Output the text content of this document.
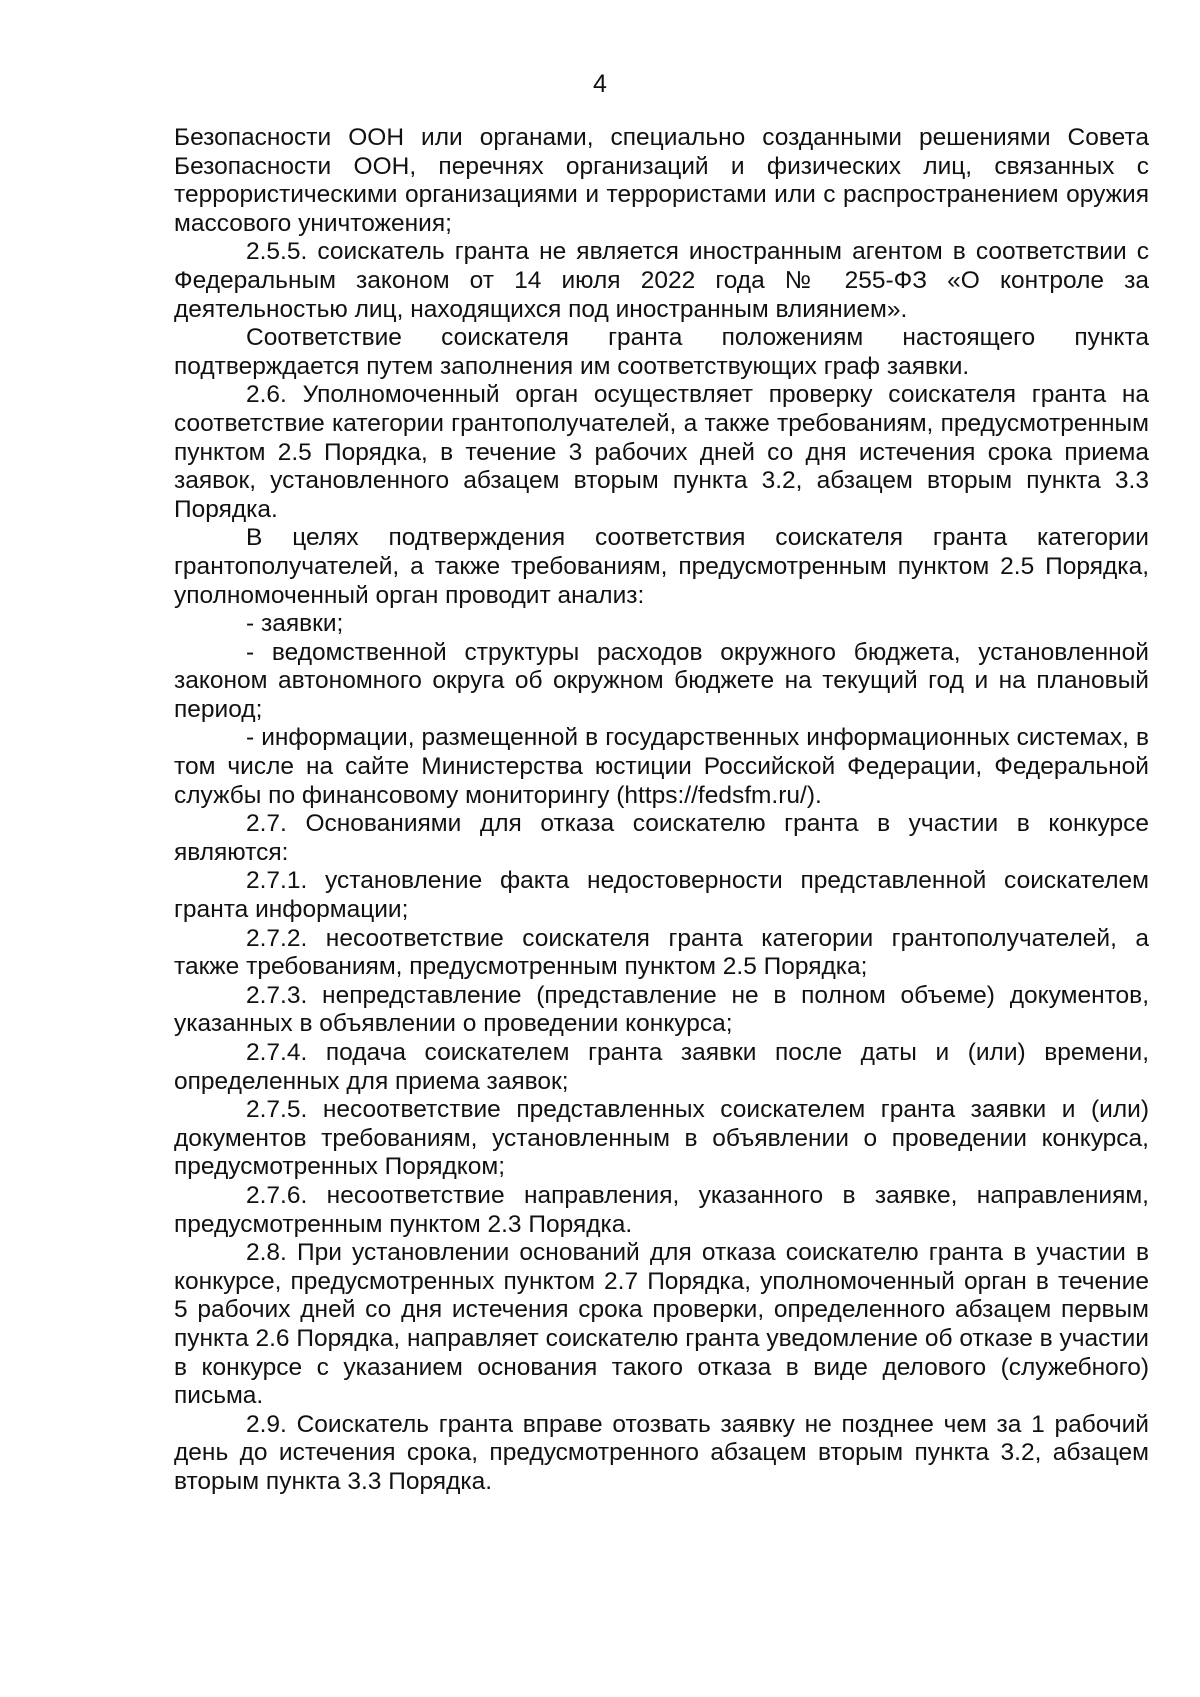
4

Безопасности ООН или органами, специально созданными решениями Совета Безопасности ООН, перечнях организаций и физических лиц, связанных с террористическими организациями и террористами или с распространением оружия массового уничтожения;

2.5.5. соискатель гранта не является иностранным агентом в соответствии с Федеральным законом от 14 июля 2022 года № 255-ФЗ «О контроле за деятельностью лиц, находящихся под иностранным влиянием».

Соответствие соискателя гранта положениям настоящего пункта подтверждается путем заполнения им соответствующих граф заявки.

2.6. Уполномоченный орган осуществляет проверку соискателя гранта на соответствие категории грантополучателей, а также требованиям, предусмотренным пунктом 2.5 Порядка, в течение 3 рабочих дней со дня истечения срока приема заявок, установленного абзацем вторым пункта 3.2, абзацем вторым пункта 3.3 Порядка.

В целях подтверждения соответствия соискателя гранта категории грантополучателей, а также требованиям, предусмотренным пунктом 2.5 Порядка, уполномоченный орган проводит анализ:

- заявки;

- ведомственной структуры расходов окружного бюджета, установленной законом автономного округа об окружном бюджете на текущий год и на плановый период;

- информации, размещенной в государственных информационных системах, в том числе на сайте Министерства юстиции Российской Федерации, Федеральной службы по финансовому мониторингу (https://fedsfm.ru/).

2.7. Основаниями для отказа соискателю гранта в участии в конкурсе являются:

2.7.1. установление факта недостоверности представленной соискателем гранта информации;

2.7.2. несоответствие соискателя гранта категории грантополучателей, а также требованиям, предусмотренным пунктом 2.5 Порядка;

2.7.3. непредставление (представление не в полном объеме) документов, указанных в объявлении о проведении конкурса;

2.7.4. подача соискателем гранта заявки после даты и (или) времени, определенных для приема заявок;

2.7.5. несоответствие представленных соискателем гранта заявки и (или) документов требованиям, установленным в объявлении о проведении конкурса, предусмотренных Порядком;

2.7.6. несоответствие направления, указанного в заявке, направлениям, предусмотренным пунктом 2.3 Порядка.

2.8. При установлении оснований для отказа соискателю гранта в участии в конкурсе, предусмотренных пунктом 2.7 Порядка, уполномоченный орган в течение 5 рабочих дней со дня истечения срока проверки, определенного абзацем первым пункта 2.6 Порядка, направляет соискателю гранта уведомление об отказе в участии в конкурсе с указанием основания такого отказа в виде делового (служебного) письма.

2.9. Соискатель гранта вправе отозвать заявку не позднее чем за 1 рабочий день до истечения срока, предусмотренного абзацем вторым пункта 3.2, абзацем вторым пункта 3.3 Порядка.
